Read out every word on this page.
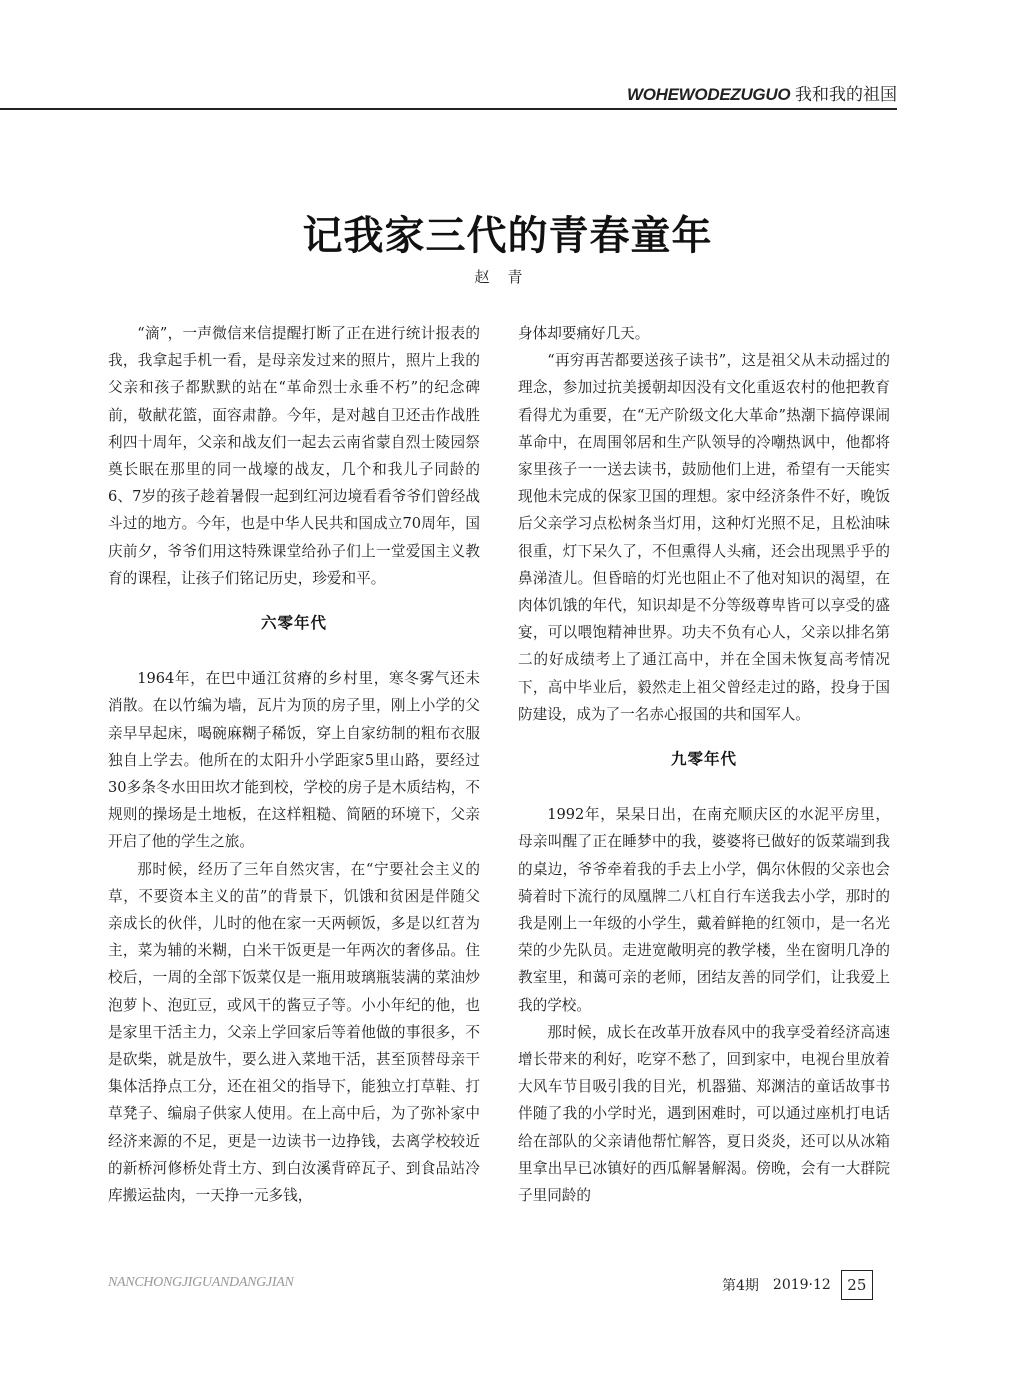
WOHEWODEZUGUO 我和我的祖国
记我家三代的青春童年
赵青

“滴”，一声微信来信提醒打断了正在进行统计报表的我，我拿起手机一看，是母亲发过来的照片，照片上我的父亲和孩子都默默的站在“革命烈士永垂不朽”的纪念碑前，敬献花篮，面容肃静。今年，是对越自卫还击作战胜利四十周年，父亲和战友们一起去云南省蒙自烈士陵园祭奠长眠在那里的同一战壕的战友，几个和我儿子同龄的6、7岁的孩子趁着暑假一起到红河边境看看爷爷们曾经战斗过的地方。今年，也是中华人民共和国成立70周年，国庆前夕，爷爷们用这特殊课堂给孙子们上一堂爱国主义教育的课程，让孩子们铭记历史，珍爱和平。

六零年代

1964年，在巴中通江贫瘠的乡村里，寒冬雾气还未消散。在以竹编为墙，瓦片为顶的房子里，刚上小学的父亲早早起床，喝碗麻糊子稀饭，穿上自家纺制的粗布衣服独自上学去。他所在的太阳升小学距家5里山路，要经过30多条冬水田田坎才能到校，学校的房子是木质结构，不规则的操场是土地板，在这样粗糙、简陋的环境下，父亲开启了他的学生之旅。

那时候，经历了三年自然灾害，在“宁要社会主义的草，不要资本主义的苗”的背景下，饥饿和贫困是伴随父亲成长的伙伴，儿时的他在家一天两顿饭，多是以红苕为主，菜为辅的米糊，白米干饭更是一年两次的奢侈品。住校后，一周的全部下饭菜仅是一瓶用玻璃瓶装满的菜油炒泡萝卜、泡豇豆，或风干的酱豆子等。小小年纪的他，也是家里干活主力，父亲上学回家后等着他做的事很多，不是砍柴，就是放牛，要么进入菜地干活，甚至顶替母亲干集体活挣点工分，还在祖父的指导下，能独立打草鞋、打草凳子、编扇子供家人使用。在上高中后，为了弥补家中经济来源的不足，更是一边读书一边挣钱，去离学校较近的新桥河修桥处背土方、到白汝溪背碎瓦子、到食品站冷库搬运盐肉，一天挣一元多钱，

身体却要痛好几天。

“再穷再苦都要送孩子读书”，这是祖父从未动摇过的理念，参加过抗美援朝却因没有文化重返农村的他把教育看得尤为重要，在“无产阶级文化大革命”热潮下搞停课闹革命中，在周围邻居和生产队领导的冷嘲热讽中，他都将家里孩子一一送去读书，鼓励他们上进，希望有一天能实现他未完成的保家卫国的理想。家中经济条件不好，晚饭后父亲学习点松树条当灯用，这种灯光照不足，且松油味很重，灯下呆久了，不但熏得人头痛，还会出现黑乎乎的鼻涕渣儿。但昏暗的灯光也阻止不了他对知识的渴望，在肉体饥饿的年代，知识却是不分等级尊卑皆可以享受的盛宴，可以喂饱精神世界。功夫不负有心人，父亲以排名第二的好成绩考上了通江高中，并在全国未恢复高考情况下，高中毕业后，毅然走上祖父曾经走过的路，投身于国防建设，成为了一名赤心报国的共和国军人。

九零年代

1992年，杲杲日出，在南充顺庆区的水泥平房里，母亲叫醒了正在睡梦中的我，婆婆将已做好的饭菜端到我的桌边，爷爷牵着我的手去上小学，偶尔休假的父亲也会骑着时下流行的凤凰牌二八杠自行车送我去小学，那时的我是刚上一年级的小学生，戴着鲜艳的红领巾，是一名光荣的少先队员。走进宽敞明亮的教学楼，坐在窗明几净的教室里，和蔼可亲的老师，团结友善的同学们，让我爱上我的学校。

那时候，成长在改革开放春风中的我享受着经济高速增长带来的利好，吃穿不愁了，回到家中，电视台里放着大风车节目吸引我的目光，机器猫、郑渊洁的童话故事书伴随了我的小学时光，遇到困难时，可以通过座机打电话给在部队的父亲请他帮忙解答，夏日炎炎，还可以从冰箱里拿出早已冰镇好的西瓜解暑解渴。傍晚，会有一大群院子里同龄的

NANCHONGJIGUANDANGJIAN	第4期 2019·12	25
